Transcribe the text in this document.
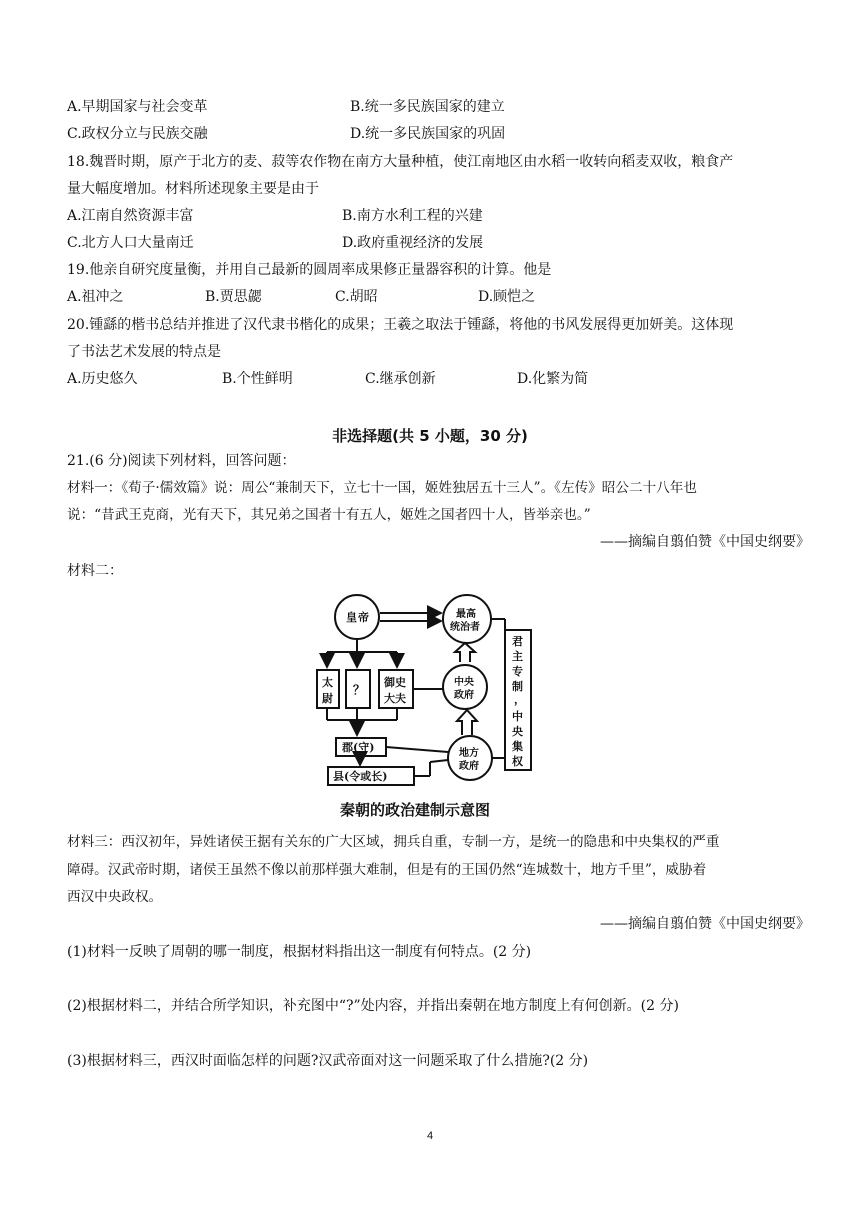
A.早期国家与社会变革	B.统一多民族国家的建立
C.政权分立与民族交融	D.统一多民族国家的巩固
18.魏晋时期，原产于北方的麦、菽等农作物在南方大量种植，使江南地区由水稻一收转向稻麦双收，粮食产
量大幅度增加。材料所述现象主要是由于
A.江南自然资源丰富	B.南方水利工程的兴建
C.北方人口大量南迁	D.政府重视经济的发展
19.他亲自研究度量衡，并用自己最新的圆周率成果修正量器容积的计算。他是
A.祖冲之	B.贾思勰	C.胡昭	D.顾恺之
20.锺繇的楷书总结并推进了汉代隶书楷化的成果；王羲之取法于锺繇，将他的书风发展得更加妍美。这体现
了书法艺术发展的特点是
A.历史悠久	B.个性鲜明	C.继承创新	D.化繁为简
非选择题(共 5 小题，30 分)
21.(6 分)阅读下列材料，回答问题：
材料一：《荀子·儒效篇》说：周公“兼制天下，立七十一国，姬姓独居五十三人”。《左传》昭公二十八年也
说：“昔武王克商，光有天下，其兄弟之国者十有五人，姬姓之国者四十人，皆举亲也。”
——摘编自翦伯赞《中国史纲要》
材料二：
皇 帝	最高
统治者
中央
政府
地方
政府
太
尉
？
御史
大夫
郡(守)
县(令或长)
君
主
专
制
，
中
央
集
权
秦朝的政治建制示意图
材料三：西汉初年，异姓诸侯王据有关东的广大区域，拥兵自重，专制一方，是统一的隐患和中央集权的严重
障碍。汉武帝时期，诸侯王虽然不像以前那样强大难制，但是有的王国仍然“连城数十，地方千里”，威胁着
西汉中央政权。
——摘编自翦伯赞《中国史纲要》
(1)材料一反映了周朝的哪一制度，根据材料指出这一制度有何特点。(2 分)
(2)根据材料二，并结合所学知识，补充图中“?”处内容，并指出秦朝在地方制度上有何创新。(2 分)
(3)根据材料三，西汉时面临怎样的问题?汉武帝面对这一问题采取了什么措施?(2 分)
4
